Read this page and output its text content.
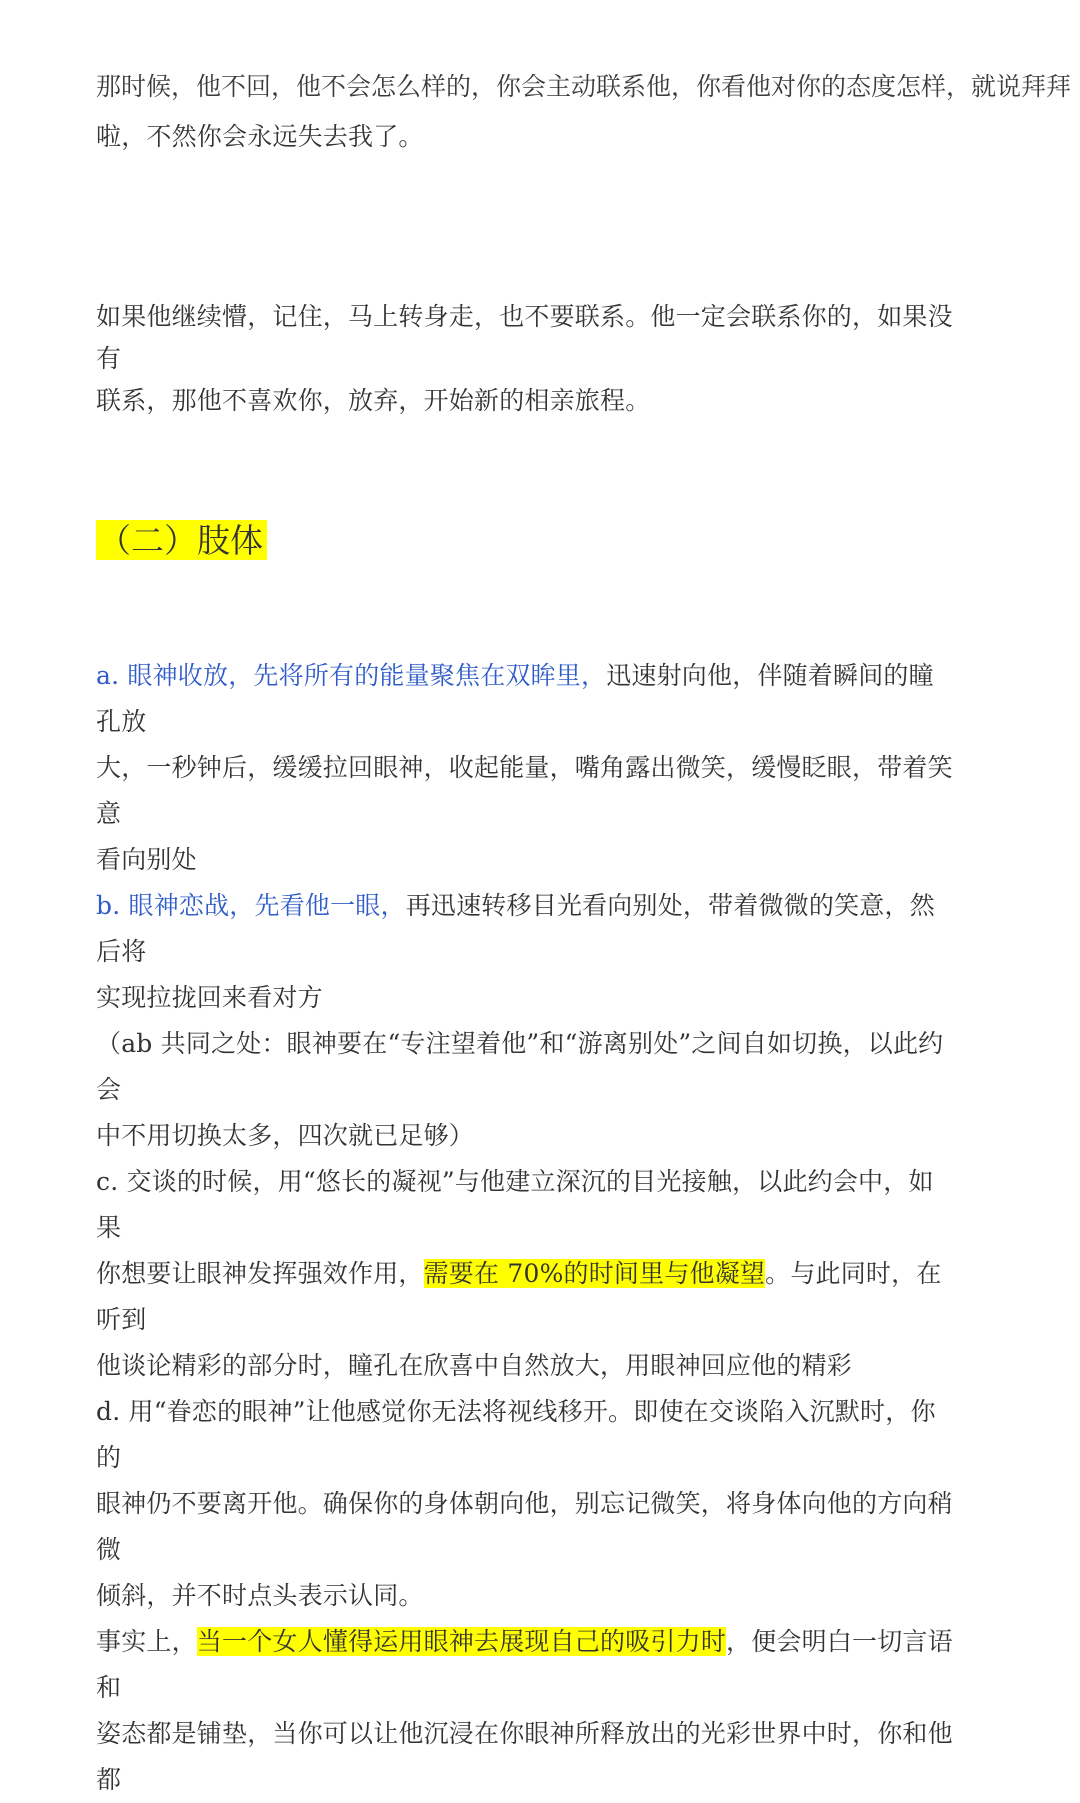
那时候，他不回，他不会怎么样的，你会主动联系他，你看他对你的态度怎样，就说拜拜

啦，不然你会永远失去我了。

如果他继续懵，记住，马上转身走，也不要联系。他一定会联系你的，如果没有

联系，那他不喜欢你，放弃，开始新的相亲旅程。

（二）肢体

a. 眼神收放，先将所有的能量聚焦在双眸里，迅速射向他，伴随着瞬间的瞳孔放

大，一秒钟后，缓缓拉回眼神，收起能量，嘴角露出微笑，缓慢眨眼，带着笑意

看向别处

b. 眼神恋战，先看他一眼，再迅速转移目光看向别处，带着微微的笑意，然后将

实现拉拢回来看对方

（ab 共同之处：眼神要在“专注望着他”和“游离别处”之间自如切换，以此约会

中不用切换太多，四次就已足够）

c. 交谈的时候，用“悠长的凝视”与他建立深沉的目光接触，以此约会中，如果

你想要让眼神发挥强效作用，需要在 70%的时间里与他凝望。与此同时，在听到

他谈论精彩的部分时，瞳孔在欣喜中自然放大，用眼神回应他的精彩

d. 用“眷恋的眼神”让他感觉你无法将视线移开。即使在交谈陷入沉默时，你的

眼神仍不要离开他。确保你的身体朝向他，别忘记微笑，将身体向他的方向稍微

倾斜，并不时点头表示认同。

事实上，当一个女人懂得运用眼神去展现自己的吸引力时，便会明白一切言语和

姿态都是铺垫，当你可以让他沉浸在你眼神所释放出的光彩世界中时，你和他都
